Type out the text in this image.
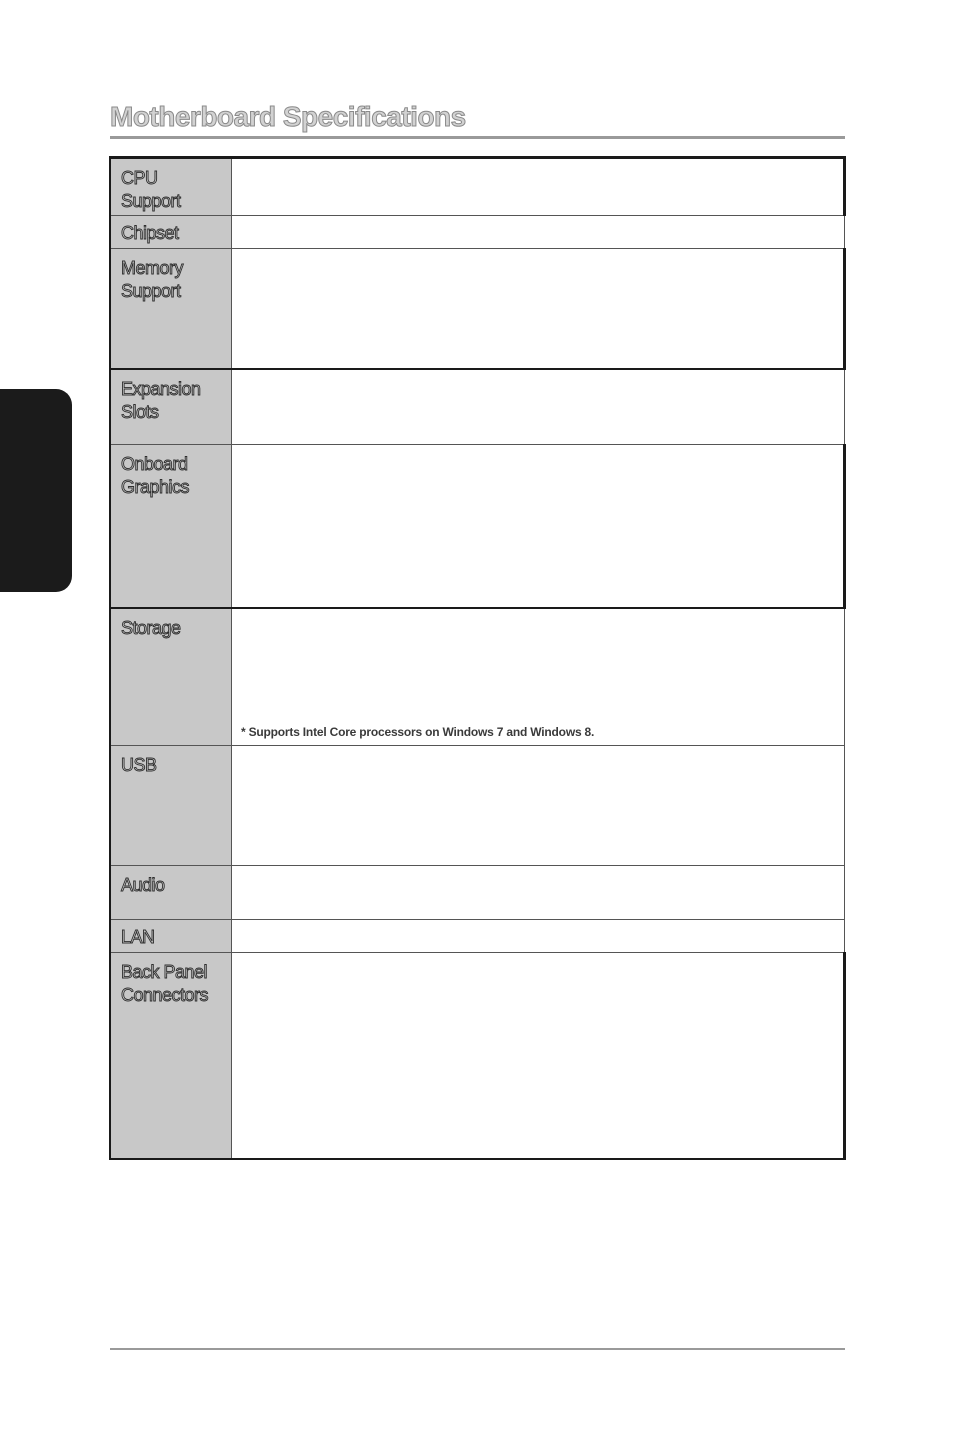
Motherboard Specifications
CPU
Support	

Chipset	

Memory
Support	

Expansion
Slots	

Onboard
Graphics	

Storage	* Supports Intel Core processors on Windows 7 and Windows 8.

USB	

Audio	

LAN	

Back Panel
Connectors	
